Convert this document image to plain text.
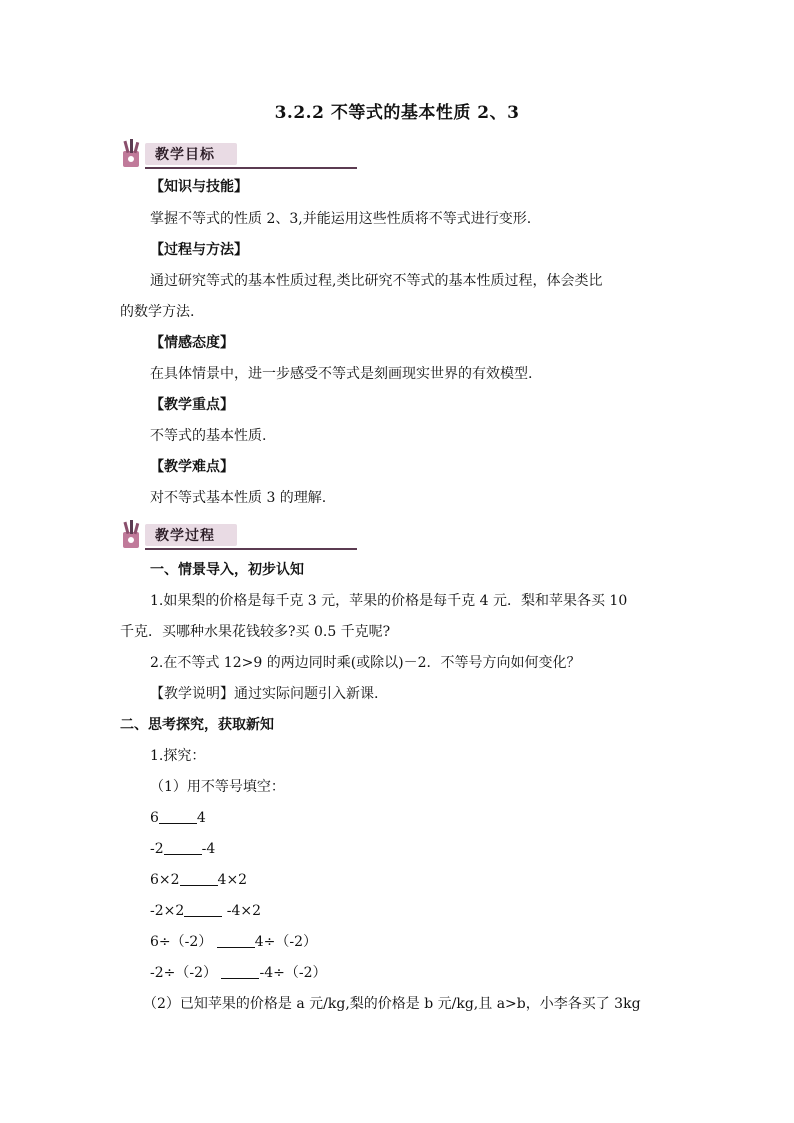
3.2.2 不等式的基本性质 2、3
教学目标
【知识与技能】
掌握不等式的性质 2、3,并能运用这些性质将不等式进行变形.
【过程与方法】
通过研究等式的基本性质过程,类比研究不等式的基本性质过程，体会类比
的数学方法.
【情感态度】
在具体情景中，进一步感受不等式是刻画现实世界的有效模型.
【教学重点】
不等式的基本性质.
【教学难点】
对不等式基本性质 3 的理解.
教学过程
一、情景导入，初步认知
1.如果梨的价格是每千克 3 元，苹果的价格是每千克 4 元．梨和苹果各买 10
千克．买哪种水果花钱较多?买 0.5 千克呢?
2.在不等式 12>9 的两边同时乘(或除以)－2．不等号方向如何变化？
【教学说明】通过实际问题引入新课.
二、思考探究，获取新知
1.探究：
（1）用不等号填空：
6	4
-2	-4
6×2	4×2
-2×2	-4×2
6÷（-2）	4÷（-2）
-2÷（-2）	-4÷（-2）
（2）已知苹果的价格是 a 元/kg,梨的价格是 b 元/kg,且 a>b，小李各买了 3kg
